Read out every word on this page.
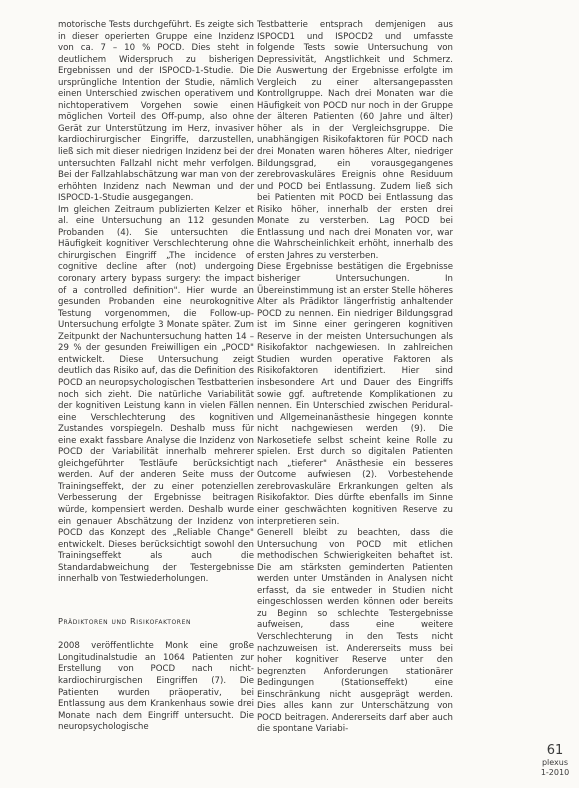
motorische Tests durchgeführt. Es zeigte sich in dieser operierten Gruppe eine Inzidenz von ca. 7 – 10 % POCD. Dies steht in deutlichem Widerspruch zu bisherigen Ergebnissen und der ISPOCD-1-Studie. Die ursprüngliche Intention der Studie, nämlich einen Unterschied zwischen operativem und nichtoperativem Vorgehen sowie einen möglichen Vorteil des Off-pump, also ohne Gerät zur Unterstützung im Herz, invasiver kardiochirurgischer Eingriffe, darzustellen, ließ sich mit dieser niedrigen Inzidenz bei der untersuchten Fallzahl nicht mehr verfolgen. Bei der Fallzahlabschätzung war man von der erhöhten Inzidenz nach Newman und der ISPOCD-1-Studie ausgegangen.

Im gleichen Zeitraum publizierten Kelzer et al. eine Untersuchung an 112 gesunden Probanden (4). Sie untersuchten die Häufigkeit kognitiver Verschlechterung ohne chirurgischen Eingriff „The incidence of cognitive decline after (not) undergoing coronary artery bypass surgery: the impact of a controlled definition". Hier wurde an gesunden Probanden eine neurokognitive Testung vorgenommen, die Follow-up-Untersuchung erfolgte 3 Monate später. Zum Zeitpunkt der Nachuntersuchung hatten 14 – 29 % der gesunden Freiwilligen ein „POCD" entwickelt. Diese Untersuchung zeigt deutlich das Risiko auf, das die Definition des POCD an neuropsychologischen Testbatterien noch sich zieht. Die natürliche Variabilität der kognitiven Leistung kann in vielen Fällen eine Verschlechterung des kognitiven Zustandes vorspiegeln. Deshalb muss für eine exakt fassbare Analyse die Inzidenz von POCD der Variabilität innerhalb mehrerer gleichgeführter Testläufe berücksichtigt werden. Auf der anderen Seite muss der Trainingseffekt, der zu einer potenziellen Verbesserung der Ergebnisse beitragen würde, kompensiert werden. Deshalb wurde ein genauer Abschätzung der Inzidenz von POCD das Konzept des „Reliable Change" entwickelt. Dieses berücksichtigt sowohl den Trainingseffekt als auch die Standardabweichung der Testergebnisse innerhalb von Testwiederholungen.

Prädiktoren und Risikofaktoren

2008 veröffentlichte Monk eine große Longitudinalstudie an 1064 Patienten zur Erstellung von POCD nach nicht-kardiochirurgischen Eingriffen (7). Die Patienten wurden präoperativ, bei Entlassung aus dem Krankenhaus sowie drei Monate nach dem Eingriff untersucht. Die neuropsychologische

Testbatterie entsprach demjenigen aus ISPOCD1 und ISPOCD2 und umfasste folgende Tests sowie Untersuchung von Depressivität, Angstlichkeit und Schmerz. Die Auswertung der Ergebnisse erfolgte im Vergleich zu einer altersangepassten Kontrollgruppe. Nach drei Monaten war die Häufigkeit von POCD nur noch in der Gruppe der älteren Patienten (60 Jahre und älter) höher als in der Vergleichsgruppe. Die unabhängigen Risikofaktoren für POCD nach drei Monaten waren höheres Alter, niedriger Bildungsgrad, ein vorausgegangenes zerebrovaskuläres Ereignis ohne Residuum und POCD bei Entlassung. Zudem ließ sich bei Patienten mit POCD bei Entlassung das Risiko höher, innerhalb der ersten drei Monate zu versterben. Lag POCD bei Entlassung und nach drei Monaten vor, war die Wahrscheinlichkeit erhöht, innerhalb des ersten Jahres zu versterben.

Diese Ergebnisse bestätigen die Ergebnisse bisheriger Untersuchungen. In Übereinstimmung ist an erster Stelle höheres Alter als Prädiktor längerfristig anhaltender POCD zu nennen. Ein niedriger Bildungsgrad ist im Sinne einer geringeren kognitiven Reserve in der meisten Untersuchungen als Risikofaktor nachgewiesen. In zahlreichen Studien wurden operative Faktoren als Risikofaktoren identifiziert. Hier sind insbesondere Art und Dauer des Eingriffs sowie ggf. auftretende Komplikationen zu nennen. Ein Unterschied zwischen Peridural- und Allgemeinanästhesie hingegen konnte nicht nachgewiesen werden (9). Die Narkosetiefe selbst scheint keine Rolle zu spielen. Erst durch so digitalen Patienten nach „tieferer" Anästhesie ein besseres Outcome aufwiesen (2). Vorbestehende zerebrovaskuläre Erkrankungen gelten als Risikofaktor. Dies dürfte ebenfalls im Sinne einer geschwächten kognitiven Reserve zu interpretieren sein.

Generell bleibt zu beachten, dass die Untersuchung von POCD mit etlichen methodischen Schwierigkeiten behaftet ist. Die am stärksten geminderten Patienten werden unter Umständen in Analysen nicht erfasst, da sie entweder in Studien nicht eingeschlossen werden können oder bereits zu Beginn so schlechte Testergebnisse aufweisen, dass eine weitere Verschlechterung in den Tests nicht nachzuweisen ist. Andererseits muss bei hoher kognitiver Reserve unter den begrenzten Anforderungen stationärer Bedingungen (Stationseffekt) eine Einschränkung nicht ausgeprägt werden. Dies alles kann zur Unterschätzung von POCD beitragen. Andererseits darf aber auch die spontane Variabi-

61
plexus
1-2010
